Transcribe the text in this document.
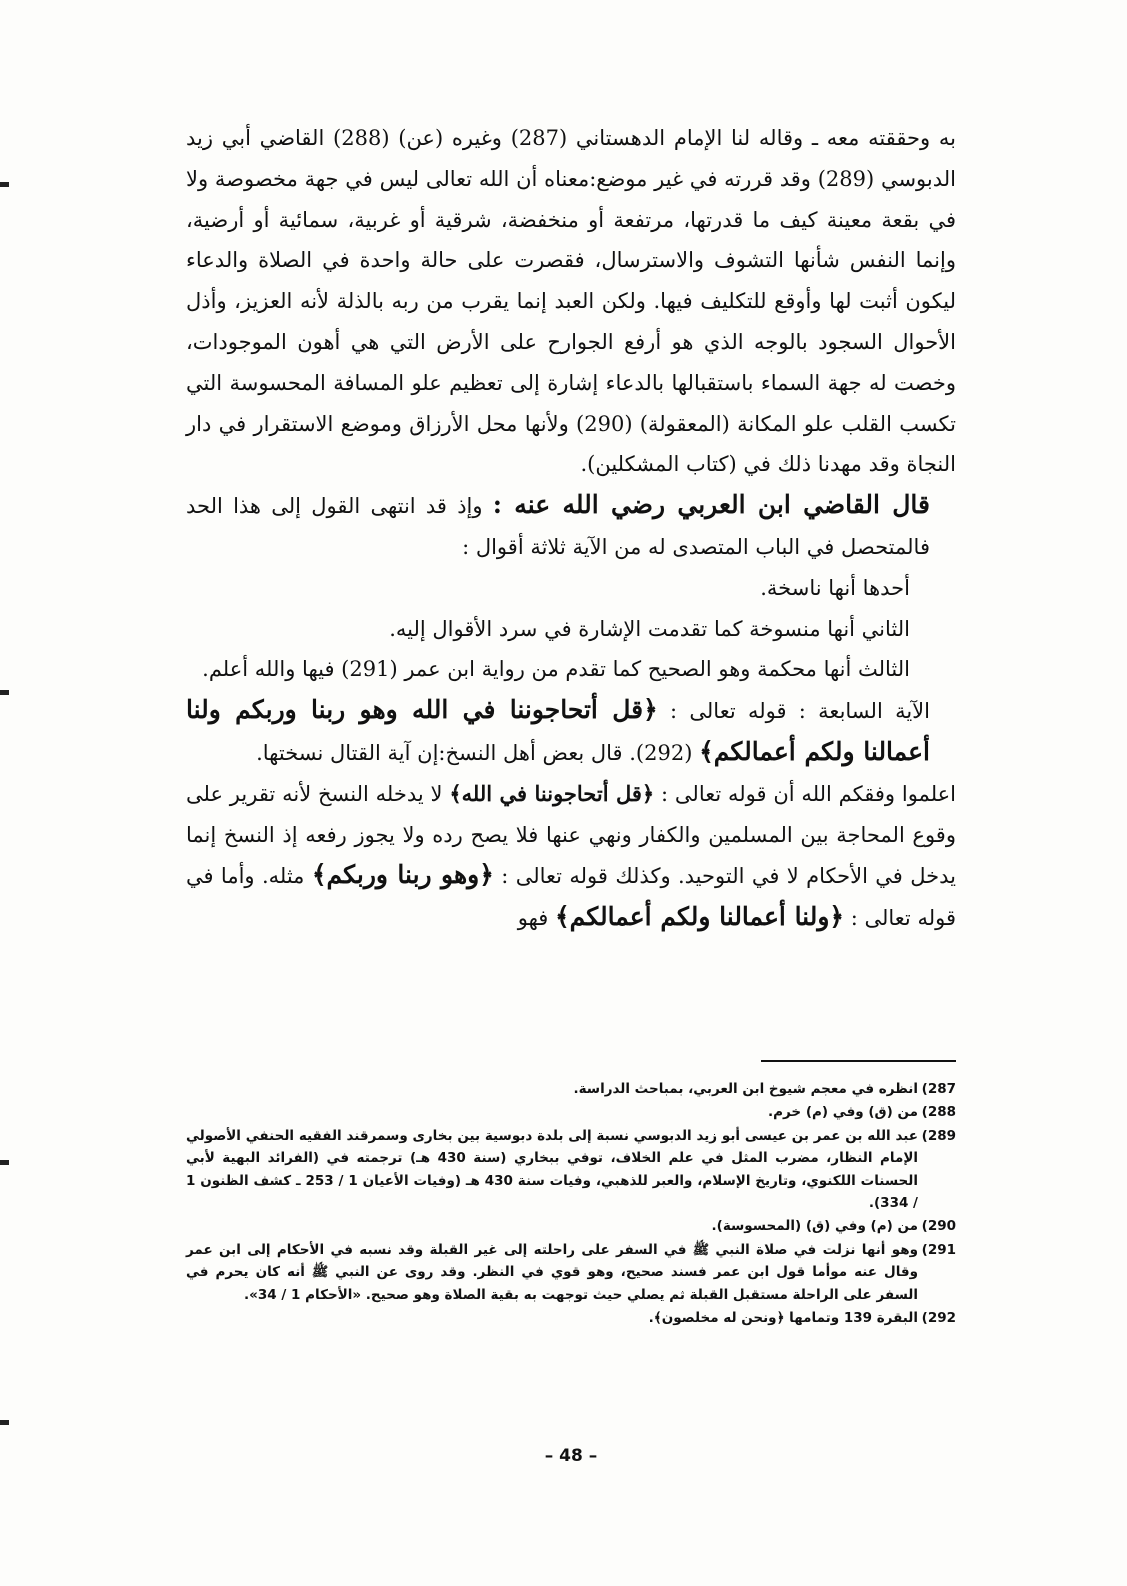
به وحققته معه ـ وقاله لنا الإمام الدهستاني (287) وغيره (عن) (288) القاضي أبي زيد الدبوسي (289) وقد قررته في غير موضع:معناه أن الله تعالى ليس في جهة مخصوصة ولا في بقعة معينة كيف ما قدرتها، مرتفعة أو منخفضة، شرقية أو غربية، سمائية أو أرضية، وإنما النفس شأنها التشوف والاسترسال، فقصرت على حالة واحدة في الصلاة والدعاء ليكون أثبت لها وأوقع للتكليف فيها. ولكن العبد إنما يقرب من ربه بالذلة لأنه العزيز، وأذل الأحوال السجود بالوجه الذي هو أرفع الجوارح على الأرض التي هي أهون الموجودات، وخصت له جهة السماء باستقبالها بالدعاء إشارة إلى تعظيم علو المسافة المحسوسة التي تكسب القلب علو المكانة (المعقولة) (290) ولأنها محل الأرزاق وموضع الاستقرار في دار النجاة وقد مهدنا ذلك في (كتاب المشكلين).

قال القاضي ابن العربي رضي الله عنه : وإذ قد انتهى القول إلى هذا الحد فالمتحصل في الباب المتصدى له من الآية ثلاثة أقوال :

أحدها أنها ناسخة.

الثاني أنها منسوخة كما تقدمت الإشارة في سرد الأقوال إليه.

الثالث أنها محكمة وهو الصحيح كما تقدم من رواية ابن عمر (291) فيها والله أعلم.

الآية السابعة : قوله تعالى : ﴿قل أتحاجوننا في الله وهو ربنا وربكم ولنا أعمالنا ولكم أعمالكم﴾ (292). قال بعض أهل النسخ:إن آية القتال نسختها.

اعلموا وفقكم الله أن قوله تعالى : ﴿قل أتحاجوننا في الله﴾ لا يدخله النسخ لأنه تقرير على وقوع المحاجة بين المسلمين والكفار ونهي عنها فلا يصح رده ولا يجوز رفعه إذ النسخ إنما يدخل في الأحكام لا في التوحيد. وكذلك قوله تعالى : ﴿وهو ربنا وربكم﴾ مثله. وأما في قوله تعالى : ﴿ولنا أعمالنا ولكم أعمالكم﴾ فهو

287)
انظره في معجم شيوخ ابن العربي، بمباحث الدراسة.
288)
من (ق) وفي (م) خرم.
289)
عبد الله بن عمر بن عيسى أبو زيد الدبوسي نسبة إلى بلدة دبوسية بين بخارى وسمرقند الفقيه الحنفي الأصولي الإمام النظار، مضرب المثل في علم الخلاف، توفي ببخاري (سنة 430 هـ) ترجمته في (الفرائد البهية لأبي الحسنات اللكنوي، وتاريخ الإسلام، والعبر للذهبي، وفيات سنة 430 هـ (وفيات الأعيان 1 / 253 ـ كشف الظنون 1 / 334).
290)
من (م) وفي (ق) (المحسوسة).
291)
وهو أنها نزلت في صلاة النبي ﷺ في السفر على راحلته إلى غير القبلة وقد نسبه في الأحكام إلى ابن عمر وقال عنه موأما قول ابن عمر فسند صحيح، وهو قوي في النظر. وقد روى عن النبي ﷺ أنه كان يحرم في السفر على الراحلة مستقبل القبلة ثم يصلي حيث توجهت به بقية الصلاة وهو صحيح. «الأحكام 1 / 34».
292)
البقرة 139 وتمامها ﴿ونحن له مخلصون﴾.
– 48 –
